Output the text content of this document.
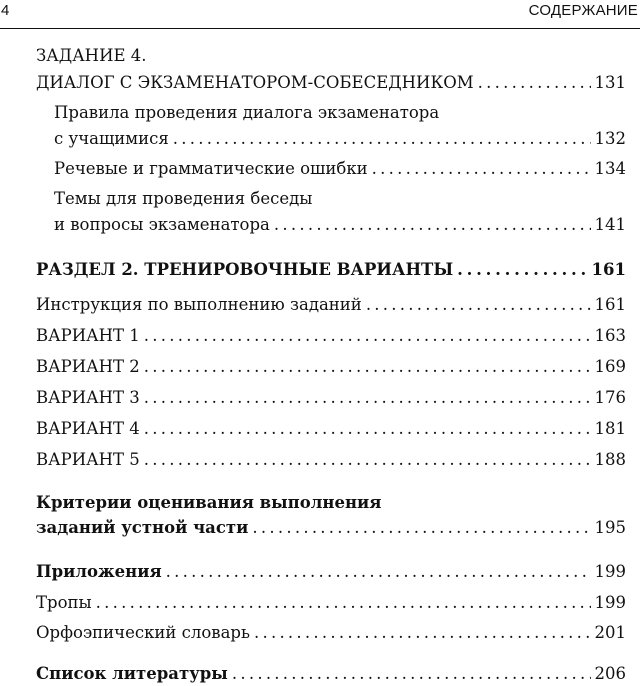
4	СОДЕРЖАНИЕ
ЗАДАНИЕ 4.
ДИАЛОГ С ЭКЗАМЕНАТОРОМ-СОБЕСЕДНИКОМ . . .	131
Правила проведения диалога экзаменатора
с учащимися . . .	132
Речевые и грамматические ошибки . . .	134
Темы для проведения беседы
и вопросы экзаменатора . . .	141
РАЗДЕЛ 2. ТРЕНИРОВОЧНЫЕ ВАРИАНТЫ . . .	161
Инструкция по выполнению заданий . . .	161
ВАРИАНТ 1 . . .	163
ВАРИАНТ 2 . . .	169
ВАРИАНТ 3 . . .	176
ВАРИАНТ 4 . . .	181
ВАРИАНТ 5 . . .	188
Критерии оценивания выполнения
заданий устной части . . .	195
Приложения . . .	199
Тропы . . .	199
Орфоэпический словарь . . .	201
Список литературы . . .	206
